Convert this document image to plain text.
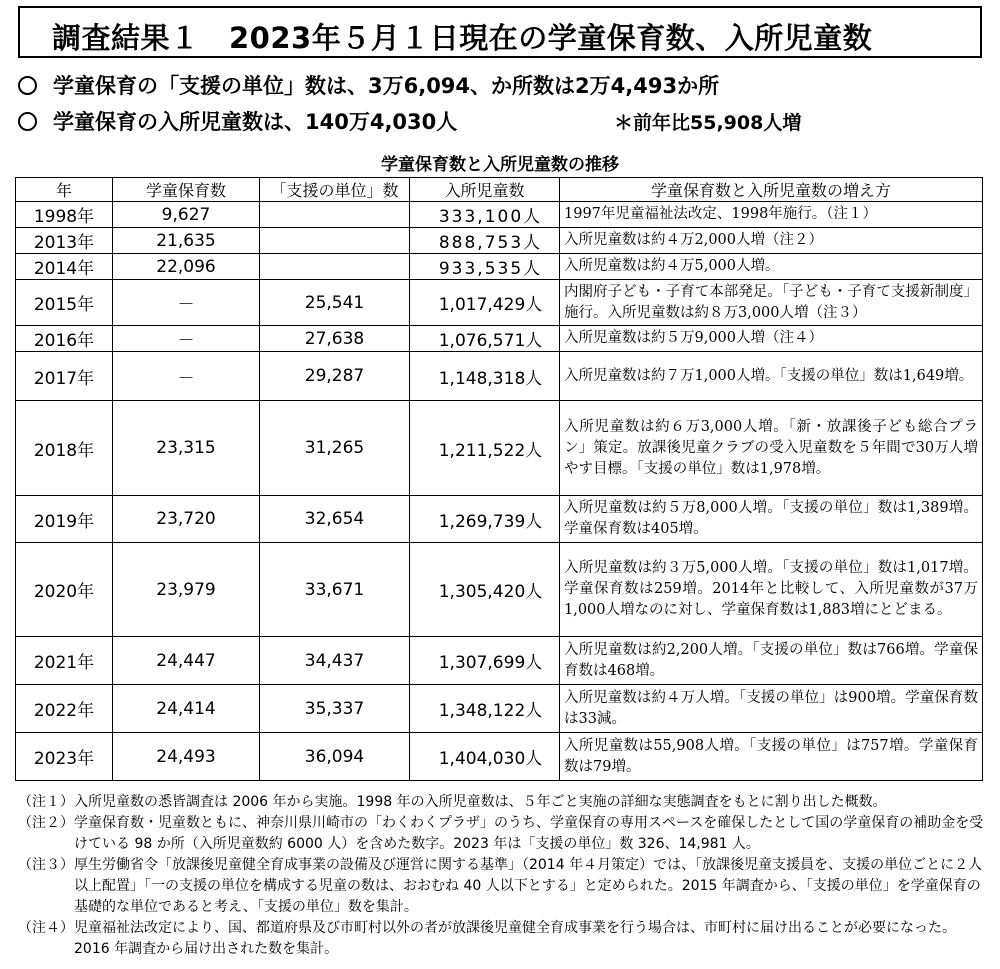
調査結果１　2023年５月１日現在の学童保育数、入所児童数
学童保育の「支援の単位」数は、3万6,094、か所数は2万4,493か所
学童保育の入所児童数は、140万4,030人	＊前年比55,908人増
学童保育数と入所児童数の推移
年	学童保育数	「支援の単位」数	入所児童数	学童保育数と入所児童数の増え方
1998年	9,627		333,100人	1997年児童福祉法改定、1998年施行。（注１）
2013年	21,635		888,753人	入所児童数は約４万2,000人増（注２）
2014年	22,096		933,535人	入所児童数は約４万5,000人増。
2015年	－	25,541	1,017,429人	内閣府子ども・子育て本部発足。「子ども・子育て支援新制度」施行。入所児童数は約８万3,000人増（注３）
2016年	－	27,638	1,076,571人	入所児童数は約５万9,000人増（注４）
2017年	－	29,287	1,148,318人	入所児童数は約７万1,000人増。「支援の単位」数は1,649増。
2018年	23,315	31,265	1,211,522人	入所児童数は約６万3,000人増。「新・放課後子ども総合プラン」策定。放課後児童クラブの受入児童数を５年間で30万人増やす目標。「支援の単位」数は1,978増。
2019年	23,720	32,654	1,269,739人	入所児童数は約５万8,000人増。「支援の単位」数は1,389増。学童保育数は405増。
2020年	23,979	33,671	1,305,420人	入所児童数は約３万5,000人増。「支援の単位」数は1,017増。学童保育数は259増。2014年と比較して、入所児童数が37万1,000人増なのに対し、学童保育数は1,883増にとどまる。
2021年	24,447	34,437	1,307,699人	入所児童数は約2,200人増。「支援の単位」数は766増。学童保育数は468増。
2022年	24,414	35,337	1,348,122人	入所児童数は約４万人増。「支援の単位」は900増。学童保育数は33減。
2023年	24,493	36,094	1,404,030人	入所児童数は55,908人増。「支援の単位」は757増。学童保育数は79増。
（注１） 入所児童数の悉皆調査は 2006 年から実施。1998 年の入所児童数は、５年ごと実施の詳細な実態調査をもとに割り出した概数。
（注２） 学童保育数・児童数ともに、神奈川県川崎市の「わくわくプラザ」のうち、学童保育の専用スペースを確保したとして国の学童保育の補助金を受けている 98 か所（入所児童数約 6000 人）を含めた数字。2023 年は「支援の単位」数 326、14,981 人。
（注３） 厚生労働省令「放課後児童健全育成事業の設備及び運営に関する基準」（2014 年４月策定）では、「放課後児童支援員を、支援の単位ごとに２人以上配置」「一の支援の単位を構成する児童の数は、おおむね 40 人以下とする」と定められた。2015 年調査から、「支援の単位」を学童保育の基礎的な単位であると考え、「支援の単位」数を集計。
（注４） 児童福祉法改定により、国、都道府県及び市町村以外の者が放課後児童健全育成事業を行う場合は、市町村に届け出ることが必要になった。2016 年調査から届け出された数を集計。
